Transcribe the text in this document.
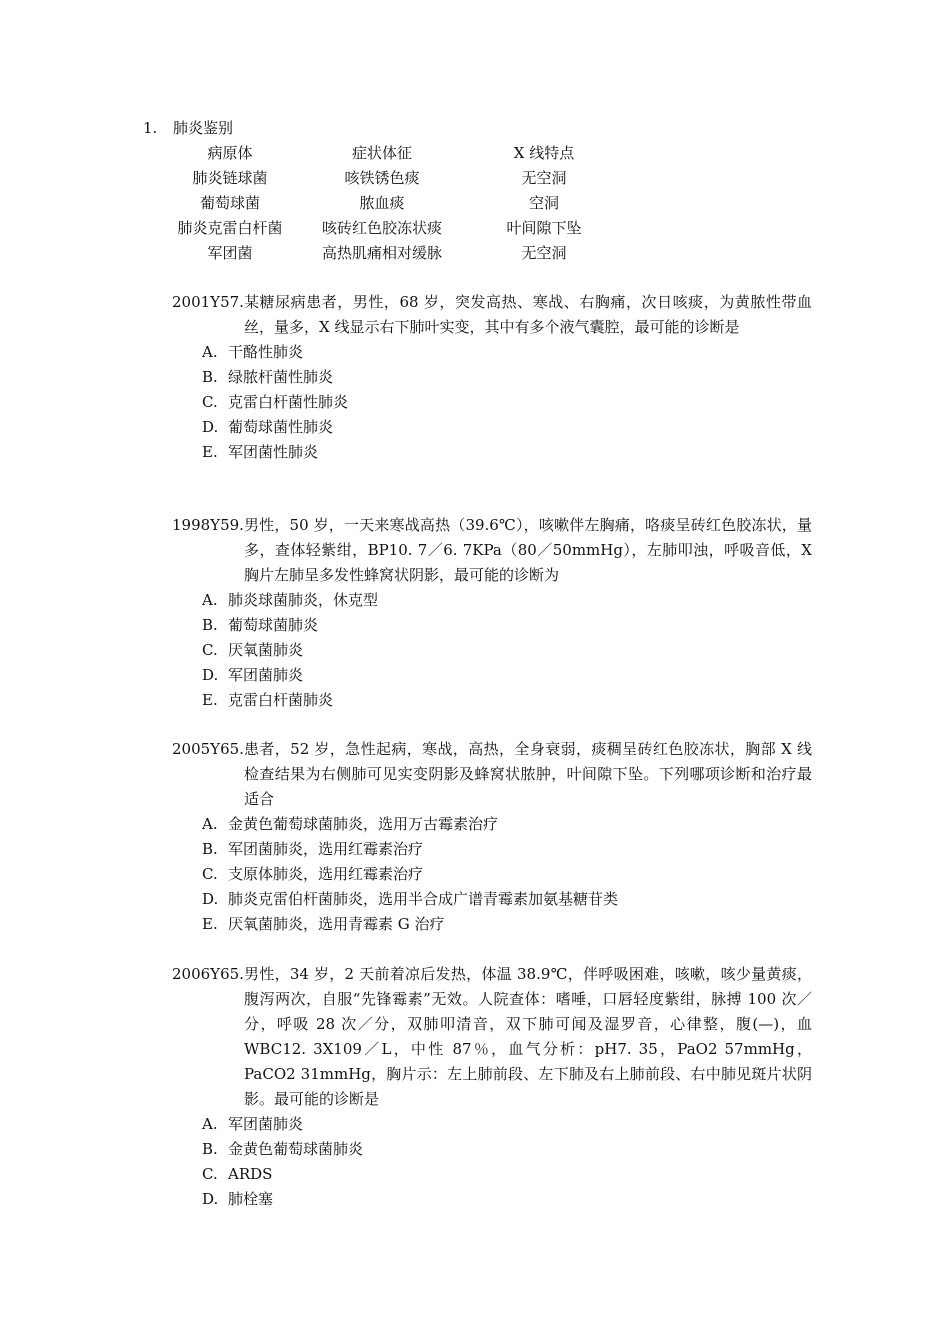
1. 肺炎鉴别
病原体	症状体征	X 线特点
肺炎链球菌	咳铁锈色痰	无空洞
葡萄球菌	脓血痰	空洞
肺炎克雷白杆菌	咳砖红色胶冻状痰	叶间隙下坠
军团菌	高热肌痛相对缓脉	无空洞
2001Y57. 某糖尿病患者，男性，68 岁，突发高热、寒战、右胸痛，次日咳痰，为黄脓性带血丝，量多，X 线显示右下肺叶实变，其中有多个液气囊腔，最可能的诊断是
A. 干酪性肺炎
B. 绿脓杆菌性肺炎
C. 克雷白杆菌性肺炎
D. 葡萄球菌性肺炎
E. 军团菌性肺炎
1998Y59. 男性，50 岁，一天来寒战高热（39.6℃），咳嗽伴左胸痛，咯痰呈砖红色胶冻状，量多，查体轻紫绀，BP10. 7／6. 7KPa（80／50mmHg），左肺叩浊，呼吸音低，X 胸片左肺呈多发性蜂窝状阴影，最可能的诊断为
A. 肺炎球菌肺炎，休克型
B. 葡萄球菌肺炎
C. 厌氧菌肺炎
D. 军团菌肺炎
E. 克雷白杆菌肺炎
2005Y65. 患者，52 岁，急性起病，寒战，高热，全身衰弱，痰稠呈砖红色胶冻状，胸部 X 线检查结果为右侧肺可见实变阴影及蜂窝状脓肿，叶间隙下坠。下列哪项诊断和治疗最适合
A. 金黄色葡萄球菌肺炎，选用万古霉素治疗
B. 军团菌肺炎，选用红霉素治疗
C. 支原体肺炎，选用红霉素治疗
D. 肺炎克雷伯杆菌肺炎，选用半合成广谱青霉素加氨基糖苷类
E. 厌氧菌肺炎，选用青霉素 G 治疗
2006Y65. 男性，34 岁，2 天前着凉后发热，体温 38.9℃，伴呼吸困难，咳嗽，咳少量黄痰，腹泻两次，自服“先锋霉素”无效。人院查体：嗜唾，口唇轻度紫绀，脉搏 100 次／分，呼吸 28 次／分，双肺叩清音，双下肺可闻及湿罗音，心律整，腹(—)，血 WBC12. 3X109／L，中性 87％，血气分析：pH7. 35，PaO2 57mmHg，PaCO2 31mmHg，胸片示：左上肺前段、左下肺及右上肺前段、右中肺见斑片状阴影。最可能的诊断是
A. 军团菌肺炎
B. 金黄色葡萄球菌肺炎
C. ARDS
D. 肺栓塞
